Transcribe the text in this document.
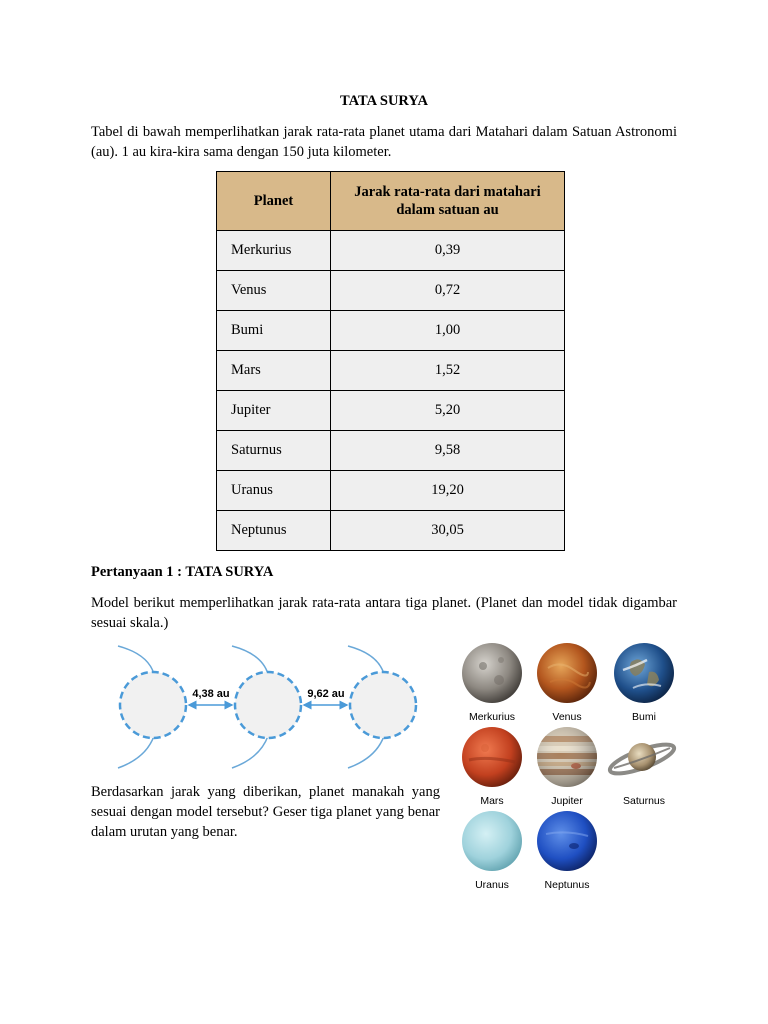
TATA SURYA
Tabel di bawah memperlihatkan jarak rata-rata planet utama dari Matahari dalam Satuan Astronomi (au). 1 au kira-kira sama dengan 150 juta kilometer.
Planet	Jarak rata-rata dari matahari dalam satuan au
Merkurius	0,39
Venus	0,72
Bumi	1,00
Mars	1,52
Jupiter	5,20
Saturnus	9,58
Uranus	19,20
Neptunus	30,05
Pertanyaan 1 : TATA SURYA
Model berikut memperlihatkan jarak rata-rata antara tiga planet. (Planet dan model tidak digambar sesuai skala.)
4,38 au	9,62 au
Berdasarkan jarak yang diberikan, planet manakah yang sesuai dengan model tersebut? Geser tiga planet yang benar dalam urutan yang benar.
Merkurius	Venus	Bumi
Mars	Jupiter	Saturnus
Uranus	Neptunus
